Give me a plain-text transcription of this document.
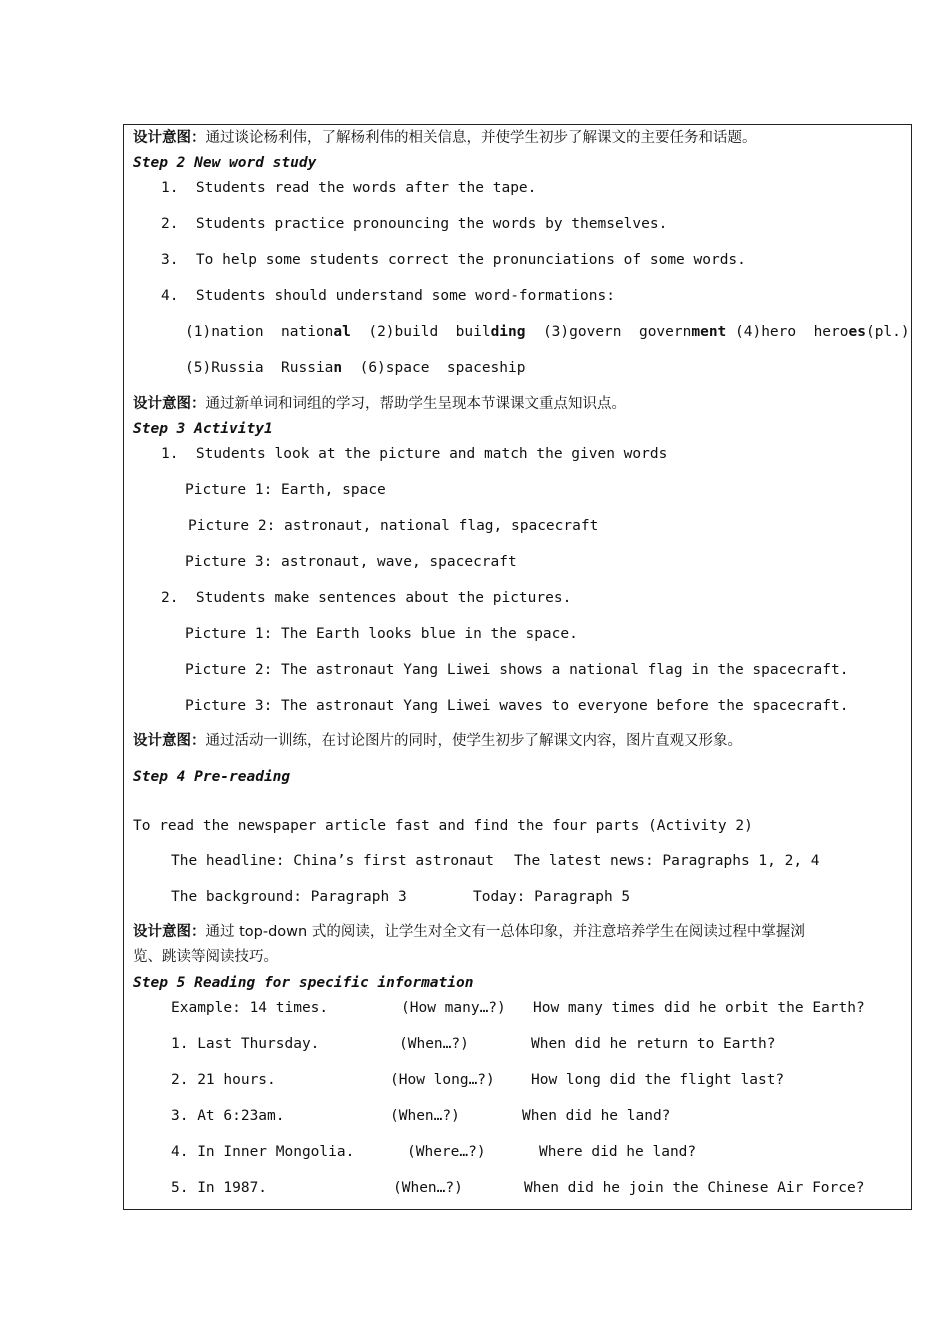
设计意图：通过谈论杨利伟，了解杨利伟的相关信息，并使学生初步了解课文的主要任务和话题。
Step 2 New word study
1.  Students read the words after the tape.
2.  Students practice pronouncing the words by themselves.
3.  To help some students correct the pronunciations of some words.
4.  Students should understand some word-formations:
(1)nation  national  (2)build  building  (3)govern  government (4)hero  heroes(pl.)
(5)Russia  Russian  (6)space  spaceship
设计意图：通过新单词和词组的学习，帮助学生呈现本节课课文重点知识点。
Step 3 Activity1
1.  Students look at the picture and match the given words
Picture 1: Earth, space
Picture 2: astronaut, national flag, spacecraft
Picture 3: astronaut, wave, spacecraft
2.  Students make sentences about the pictures.
Picture 1: The Earth looks blue in the space.
Picture 2: The astronaut Yang Liwei shows a national flag in the spacecraft.
Picture 3: The astronaut Yang Liwei waves to everyone before the spacecraft.
设计意图：通过活动一训练，在讨论图片的同时，使学生初步了解课文内容，图片直观又形象。
Step 4 Pre-reading
To read the newspaper article fast and find the four parts (Activity 2)
The headline: China’s first astronaut The latest news: Paragraphs 1, 2, 4
The background: Paragraph 3	Today: Paragraph 5
设计意图：通过 top-down 式的阅读，让学生对全文有一总体印象，并注意培养学生在阅读过程中掌握浏
览、跳读等阅读技巧。
Step 5 Reading for specific information
Example: 14 times.	(How many…?) How many times did he orbit the Earth?
1. Last Thursday.	(When…?)	When did he return to Earth?
2. 21 hours.	(How long…?) How long did the flight last?
3. At 6:23am.	(When…?)	When did he land?
4. In Inner Mongolia.	(Where…?)	Where did he land?
5. In 1987.	(When…?)	When did he join the Chinese Air Force?
